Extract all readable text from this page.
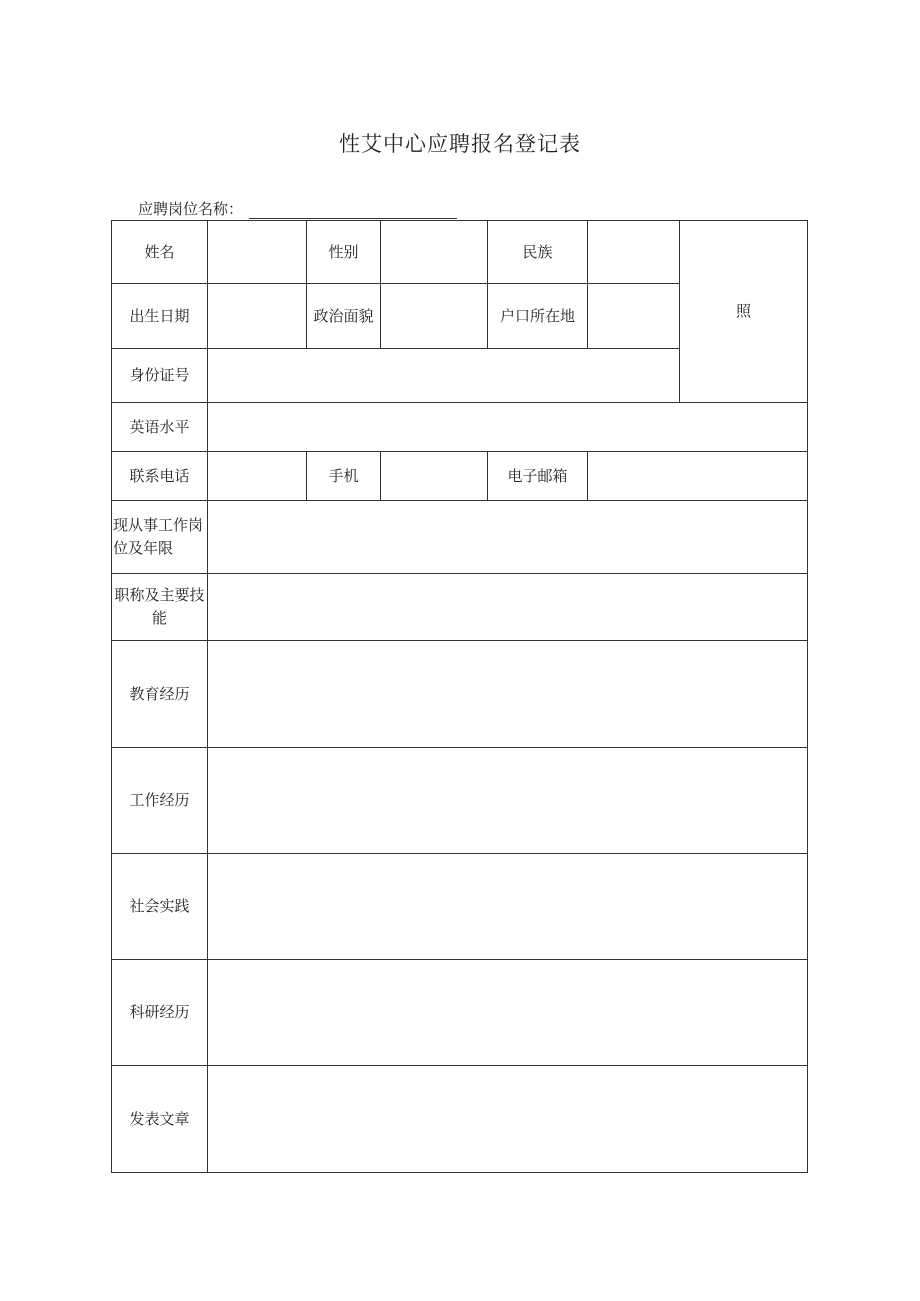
性艾中心应聘报名登记表
应聘岗位名称：
姓名	性别	民族
照
出生日期	政治面貌	户口所在地
身份证号
英语水平
联系电话	手机	电子邮箱
现从事工作岗位及年限
职称及主要技能
教育经历
工作经历
社会实践
科研经历
发表文章
